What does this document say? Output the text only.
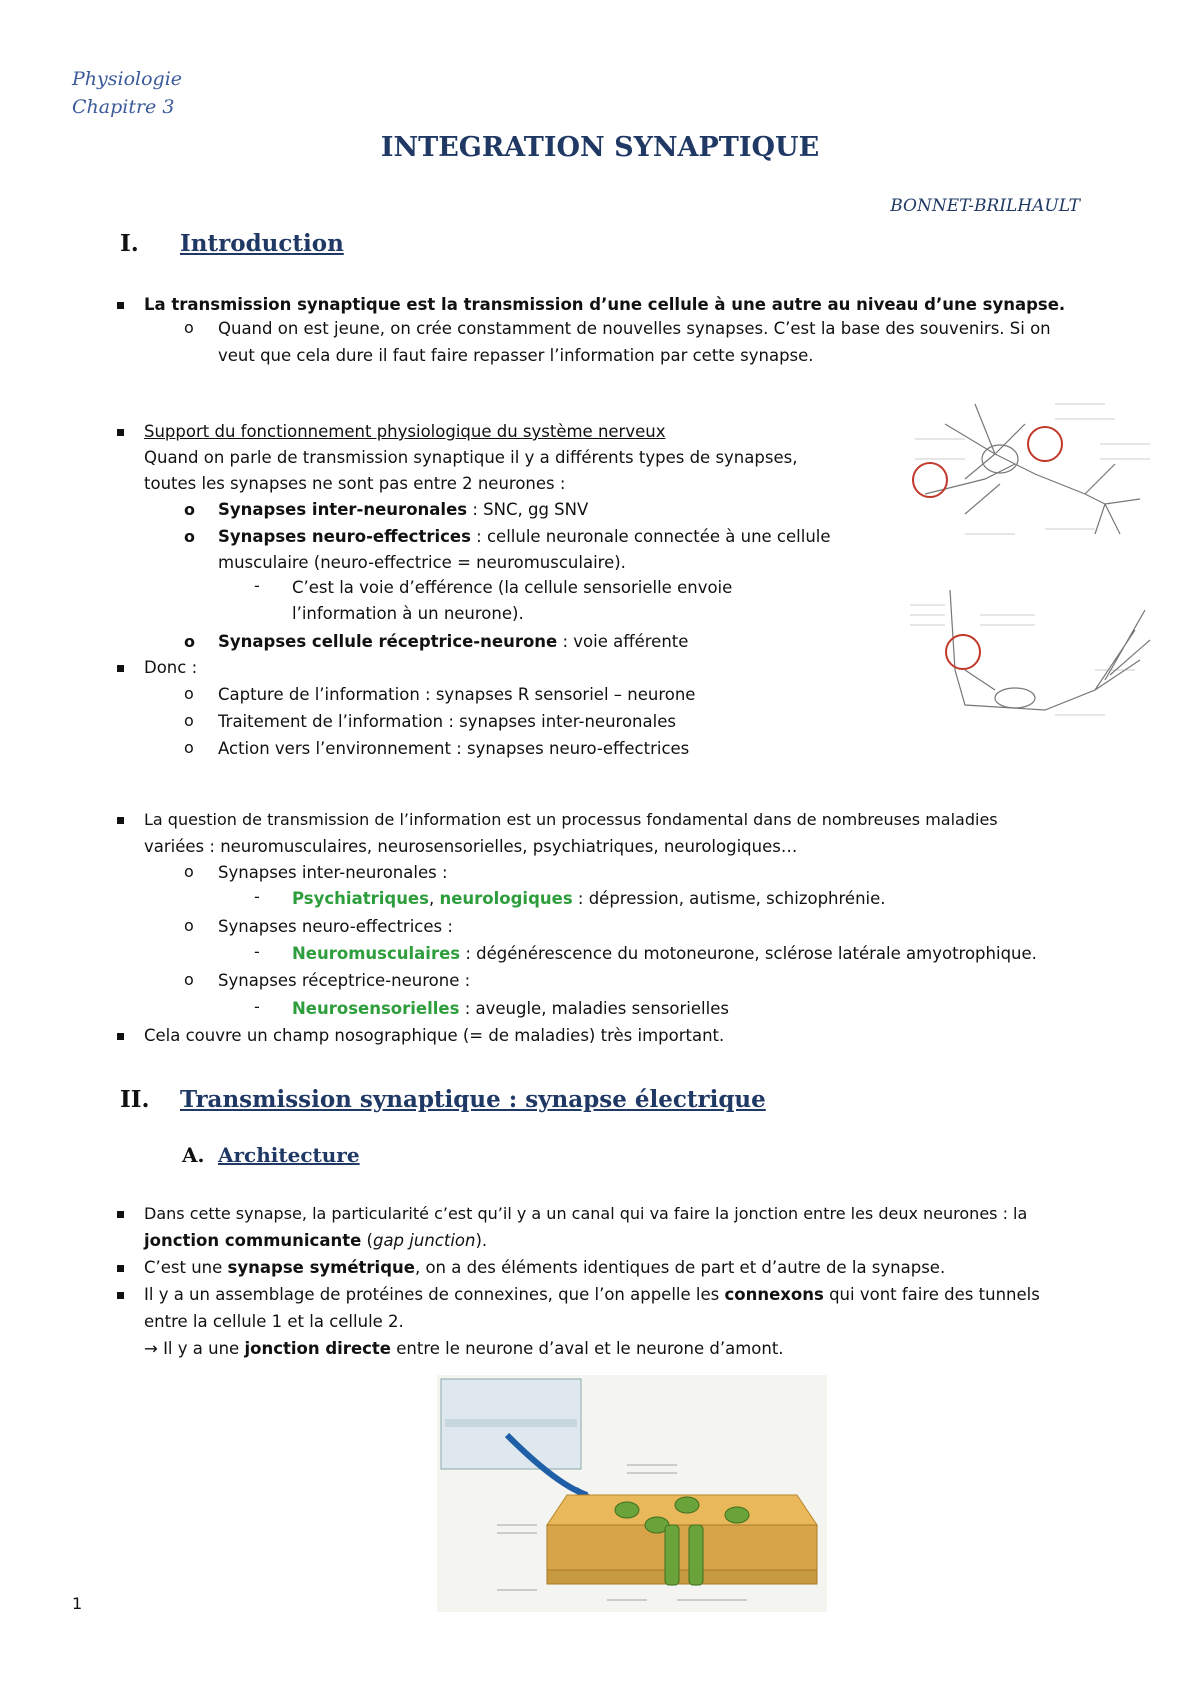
Physiologie
Chapitre 3
INTEGRATION SYNAPTIQUE
BONNET-BRILHAULT
I. Introduction
La transmission synaptique est la transmission d’une cellule à une autre au niveau d’une synapse.
o Quand on est jeune, on crée constamment de nouvelles synapses. C’est la base des souvenirs. Si on
veut que cela dure il faut faire repasser l’information par cette synapse.
Support du fonctionnement physiologique du système nerveux
Quand on parle de transmission synaptique il y a différents types de synapses,
toutes les synapses ne sont pas entre 2 neurones :
o Synapses inter-neuronales : SNC, gg SNV
o Synapses neuro-effectrices : cellule neuronale connectée à une cellule
musculaire (neuro-effectrice = neuromusculaire).
- C’est la voie d’efférence (la cellule sensorielle envoie
l’information à un neurone).
o Synapses cellule réceptrice-neurone : voie afférente
Donc :
o Capture de l’information : synapses R sensoriel – neurone
o Traitement de l’information : synapses inter-neuronales
o Action vers l’environnement : synapses neuro-effectrices
La question de transmission de l’information est un processus fondamental dans de nombreuses maladies
variées : neuromusculaires, neurosensorielles, psychiatriques, neurologiques…
o Synapses inter-neuronales :
- Psychiatriques, neurologiques : dépression, autisme, schizophrénie.
o Synapses neuro-effectrices :
- Neuromusculaires : dégénérescence du motoneurone, sclérose latérale amyotrophique.
o Synapses réceptrice-neurone :
- Neurosensorielles : aveugle, maladies sensorielles
Cela couvre un champ nosographique (= de maladies) très important.
II. Transmission synaptique : synapse électrique
A. Architecture
Dans cette synapse, la particularité c’est qu’il y a un canal qui va faire la jonction entre les deux neurones : la
jonction communicante (gap junction).
C’est une synapse symétrique, on a des éléments identiques de part et d’autre de la synapse.
Il y a un assemblage de protéines de connexines, que l’on appelle les connexons qui vont faire des tunnels
entre la cellule 1 et la cellule 2.
→ Il y a une jonction directe entre le neurone d’aval et le neurone d’amont.
1
